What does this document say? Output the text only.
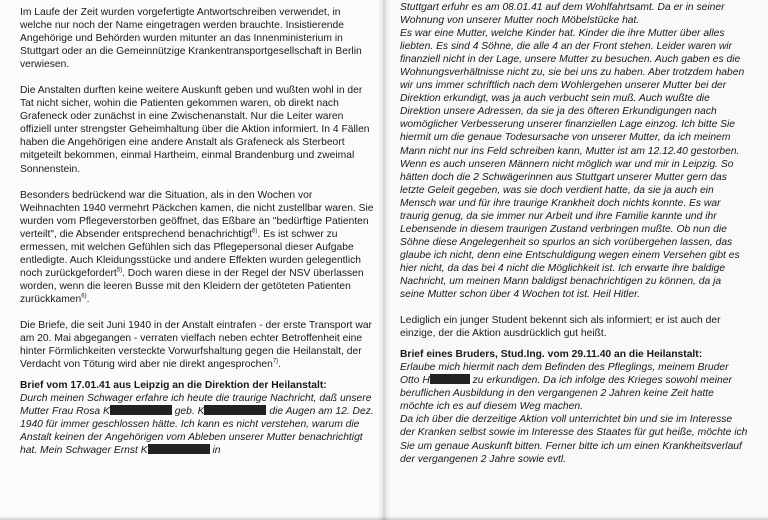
Im Laufe der Zeit wurden vorgefertigte Antwortschreiben verwendet, in welche nur noch der Name eingetragen werden brauchte. Insistierende Angehörige und Behörden wurden mitunter an das Innenministerium in Stuttgart oder an die Gemeinnützige Krankentransportgesellschaft in Berlin verwiesen.

Die Anstalten durften keine weitere Auskunft geben und wußten wohl in der Tat nicht sicher, wohin die Patienten gekommen waren, ob direkt nach Grafeneck oder zunächst in eine Zwischenanstalt. Nur die Leiter waren offiziell unter strengster Geheimhaltung über die Aktion informiert. In 4 Fällen haben die Angehörigen eine andere Anstalt als Grafeneck als Sterbeort mitgeteilt bekommen, einmal Hartheim, einmal Brandenburg und zweimal Sonnenstein.

Besonders bedrückend war die Situation, als in den Wochen vor Weihnachten 1940 vermehrt Päckchen kamen, die nicht zustellbar waren. Sie wurden vom Pflegeverstorben geöffnet, das Eßbare an "bedürftige Patienten verteilt", die Absender entsprechend benachrichtigt$^{6)}$. Es ist schwer zu ermessen, mit welchen Gefühlen sich das Pflegepersonal dieser Aufgabe entledigte. Auch Kleidungsstücke und andere Effekten wurden gelegentlich noch zurückgefordert$^{5)}$. Doch waren diese in der Regel der NSV überlassen worden, wenn die leeren Busse mit den Kleidern der getöteten Patienten zurückkamen$^{6)}$.

Die Briefe, die seit Juni 1940 in der Anstalt eintrafen - der erste Transport war am 20. Mai abgegangen - verraten vielfach neben echter Betroffenheit eine hinter Förmlichkeiten versteckte Vorwurfshaltung gegen die Heilanstalt, der Verdacht von Tötung wird aber nie direkt angesprochen$^{7)}$.

Brief vom 17.01.41 aus Leipzig an die Direktion der Heilanstalt:

Durch meinen Schwager erfahre ich heute die traurige Nachricht, daß unsere Mutter Frau Rosa K	geb. K	die Augen am 12. Dez. 1940 für immer geschlossen hätte. Ich kann es nicht verstehen, warum die Anstalt keinen der Angehörigen vom Ableben unserer Mutter benachrichtigt hat. Mein Schwager Ernst K	in

Stuttgart erfuhr es am 08.01.41 auf dem Wohlfahrtsamt. Da er in seiner Wohnung von unserer Mutter noch Möbelstücke hat.
Es war eine Mutter, welche Kinder hat. Kinder die ihre Mutter über alles liebten. Es sind 4 Söhne, die alle 4 an der Front stehen. Leider waren wir finanziell nicht in der Lage, unsere Mutter zu besuchen. Auch gaben es die Wohnungsverhältnisse nicht zu, sie bei uns zu haben. Aber trotzdem haben wir uns immer schriftlich nach dem Wohlergehen unserer Mutter bei der Direktion erkundigt, was ja auch verbucht sein muß. Auch wußte die Direktion unsere Adressen, da sie ja des öfteren Erkundigungen nach womöglicher Verbesserung unserer finanziellen Lage einzog. Ich bitte Sie hiermit um die genaue Todesursache von unserer Mutter, da ich meinem Mann nicht nur ins Feld schreiben kann, Mutter ist am 12.12.40 gestorben.
Wenn es auch unseren Männern nicht möglich war und mir in Leipzig. So hätten doch die 2 Schwägerinnen aus Stuttgart unserer Mutter gern das letzte Geleit gegeben, was sie doch verdient hatte, da sie ja auch ein Mensch war und für ihre traurige Krankheit doch nichts konnte. Es war traurig genug, da sie immer nur Arbeit und ihre Familie kannte und ihr Lebensende in diesem traurigen Zustand verbringen mußte. Ob nun die Söhne diese Angelegenheit so spurlos an sich vorübergehen lassen, das glaube ich nicht, denn eine Entschuldigung wegen einem Versehen gibt es hier nicht, da das bei 4 nicht die Möglichkeit ist. Ich erwarte ihre baldige Nachricht, um meinen Mann baldigst benachrichtigen zu können, da ja seine Mutter schon über 4 Wochen tot ist. Heil Hitler.

Lediglich ein junger Student bekennt sich als informiert; er ist auch der einzige, der die Aktion ausdrücklich gut heißt.

Brief eines Bruders, Stud.Ing. vom 29.11.40 an die Heilanstalt:

Erlaube mich hiermit nach dem Befinden des Pfleglings, meinem Bruder Otto H	zu erkundigen. Da ich infolge des Krieges sowohl meiner beruflichen Ausbildung in den vergangenen 2 Jahren keine Zeit hatte möchte ich es auf diesem Weg machen.
Da ich über die derzeitige Aktion voll unterrichtet bin und sie im Interesse der Kranken selbst sowie im Interesse des Staates für gut heiße, möchte ich Sie um genaue Auskunft bitten. Ferner bitte ich um einen Krankheitsverlauf der vergangenen 2 Jahre sowie evtl.
